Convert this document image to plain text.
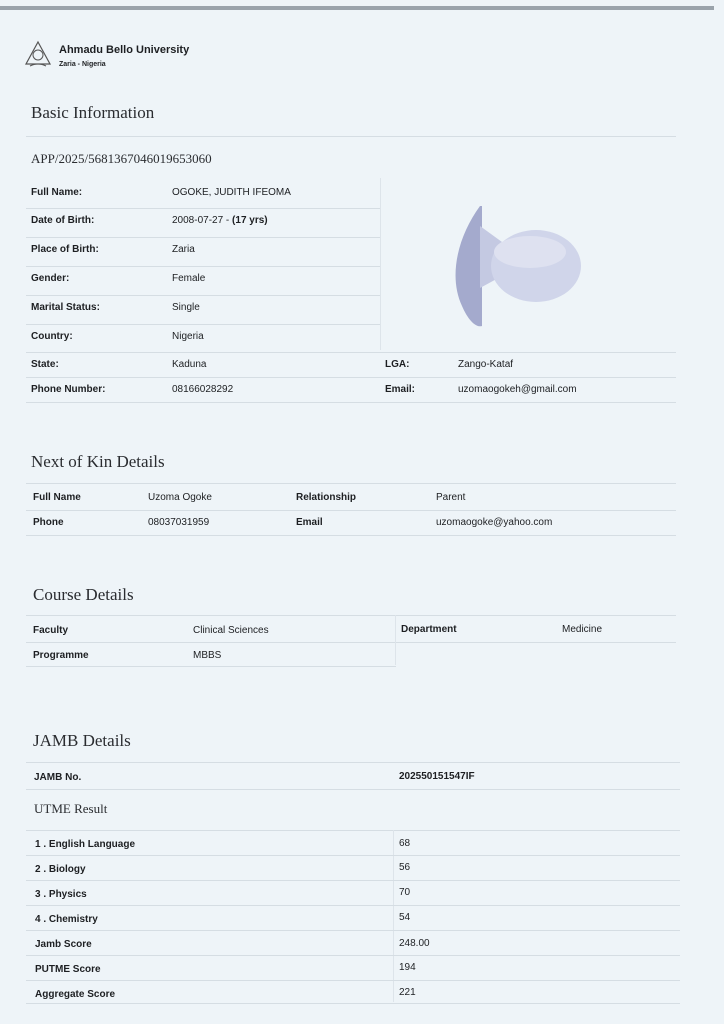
Ahmadu Bello University
Zaria - Nigeria
Basic Information
APP/2025/5681367046019653060
Full Name:	OGOKE, JUDITH IFEOMA
Date of Birth:	2008-07-27 - (17 yrs)
Place of Birth:	Zaria
Gender:	Female
Marital Status:	Single
Country:	Nigeria
State:	Kaduna	LGA:	Zango-Kataf
Phone Number:	08166028292	Email:	uzomaogokeh@gmail.com
Next of Kin Details
Full Name	Uzoma Ogoke	Relationship	Parent
Phone	08037031959	Email	uzomaogoke@yahoo.com
Course Details
Faculty	Clinical Sciences	Department	Medicine
Programme	MBBS
JAMB Details
JAMB No.	202550151547IF
UTME Result
1 . English Language	68
2 . Biology	56
3 . Physics	70
4 . Chemistry	54
Jamb Score	248.00
PUTME Score	194
Aggregate Score	221
